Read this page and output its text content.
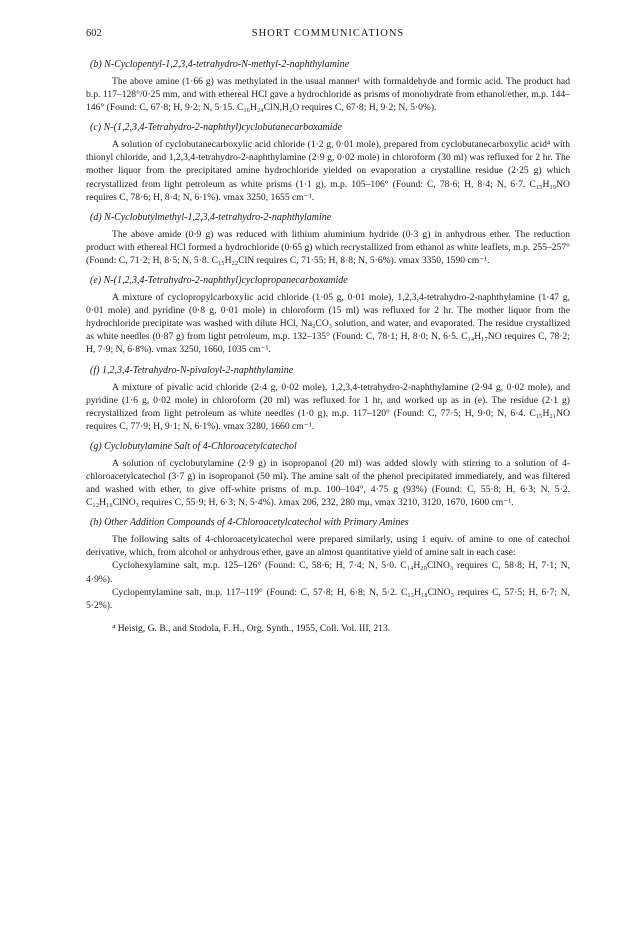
602	SHORT COMMUNICATIONS
(b) N-Cyclopentyl-1,2,3,4-tetrahydro-N-methyl-2-naphthylamine

The above amine (1·66 g) was methylated in the usual manner¹ with formaldehyde and formic acid. The product had b.p. 117–128°/0·25 mm, and with ethereal HCl gave a hydrochloride as prisms of monohydrate from ethanol/ether, m.p. 144–146° (Found: C, 67·8; H, 9·2; N, 5·15. C₁₆H₂₄ClN,H₂O requires C, 67·8; H, 9·2; N, 5·0%).

(c) N-(1,2,3,4-Tetrahydro-2-naphthyl)cyclobutanecarboxamide

A solution of cyclobutanecarboxylic acid chloride (1·2 g, 0·01 mole), prepared from cyclobutanecarboxylic acid⁴ with thionyl chloride, and 1,2,3,4-tetrahydro-2-naphthylamine (2·9 g, 0·02 mole) in chloroform (30 ml) was refluxed for 2 hr. The mother liquor from the precipitated amine hydrochloride yielded on evaporation a crystalline residue (2·25 g) which recrystallized from light petroleum as white prisms (1·1 g), m.p. 105–106° (Found: C, 78·6; H, 8·4; N, 6·7. C₁₅H₁₉NO requires C, 78·6; H, 8·4; N, 6·1%). νmax 3250, 1655 cm⁻¹.

(d) N-Cyclobutylmethyl-1,2,3,4-tetrahydro-2-naphthylamine

The above amide (0·9 g) was reduced with lithium aluminium hydride (0·3 g) in anhydrous ether. The reduction product with ethereal HCl formed a hydrochloride (0·65 g) which recrystallized from ethanol as white leaflets, m.p. 255–257° (Found: C, 71·2; H, 8·5; N, 5·8. C₁₅H₂₂ClN requires C, 71·55; H, 8·8; N, 5·6%). νmax 3350, 1590 cm⁻¹.

(e) N-(1,2,3,4-Tetrahydro-2-naphthyl)cyclopropanecarboxamide

A mixture of cyclopropylcarboxylic acid chloride (1·05 g, 0·01 mole), 1,2,3,4-tetrahydro-2-naphthylamine (1·47 g, 0·01 mole) and pyridine (0·8 g, 0·01 mole) in chloroform (15 ml) was refluxed for 2 hr. The mother liquor from the hydrochloride precipitate was washed with dilute HCl, Na₂CO₃ solution, and water, and evaporated. The residue crystallized as white needles (0·87 g) from light petroleum, m.p. 132–135° (Found: C, 78·1; H, 8·0; N, 6·5. C₁₄H₁₇NO requires C, 78·2; H, 7·9; N, 6·8%). νmax 3250, 1660, 1035 cm⁻¹.

(f) 1,2,3,4-Tetrahydro-N-pivaloyl-2-naphthylamine

A mixture of pivalic acid chloride (2·4 g, 0·02 mole), 1,2,3,4-tetrahydro-2-naphthylamine (2·94 g, 0·02 mole), and pyridine (1·6 g, 0·02 mole) in chloroform (20 ml) was refluxed for 1 hr, and worked up as in (e). The residue (2·1 g) recrystallized from light petroleum as white needles (1·0 g), m.p. 117–120° (Found: C, 77·5; H, 9·0; N, 6·4. C₁₅H₂₁NO requires C, 77·9; H, 9·1; N, 6·1%). νmax 3280, 1660 cm⁻¹.

(g) Cyclobutylamine Salt of 4-Chloroacetylcatechol

A solution of cyclobutylamine (2·9 g) in isopropanol (20 ml) was added slowly with stirring to a solution of 4-chloroacetylcatechol (3·7 g) in isopropanol (50 ml). The amine salt of the phenol precipitated immediately, and was filtered and washed with ether, to give off-white prisms of m.p. 100–104°, 4·75 g (93%) (Found: C, 55·8; H, 6·3; N, 5·2. C₁₂H₁₆ClNO₃ requires C, 55·9; H, 6·3; N, 5·4%). λmax 206, 232, 280 mμ, νmax 3210, 3120, 1670, 1600 cm⁻¹.

(h) Other Addition Compounds of 4-Chloroacetylcatechol with Primary Amines

The following salts of 4-chloroacetylcatechol were prepared similarly, using 1 equiv. of amine to one of catechol derivative, which, from alcohol or anhydrous ether, gave an almost quantitative yield of amine salt in each case:

Cyclohexylamine salt, m.p. 125–126° (Found: C, 58·6; H, 7·4; N, 5·0. C₁₄H₂₀ClNO₃ requires C, 58·8; H, 7·1; N, 4·9%).

Cyclopentylamine salt, m.p. 117–119° (Found: C, 57·8; H, 6·8; N, 5·2. C₁₃H₁₈ClNO₃ requires C, 57·5; H, 6·7; N, 5·2%).

⁴ Heisig, G. B., and Stodola, F. H., Org. Synth., 1955, Coll. Vol. III, 213.
